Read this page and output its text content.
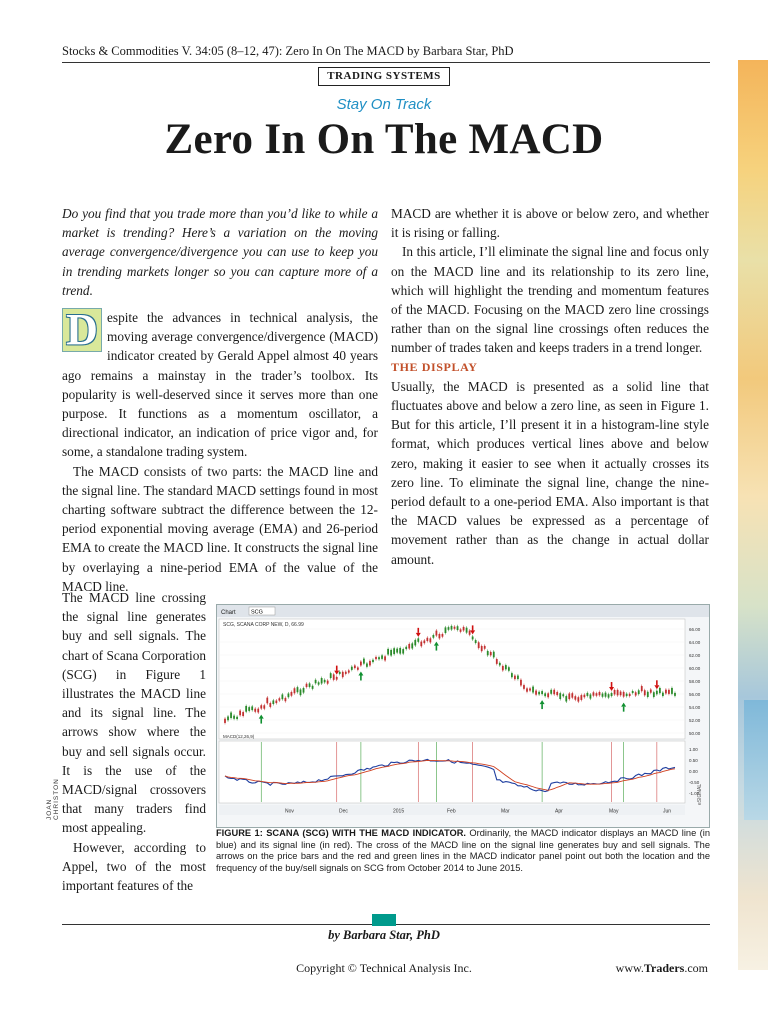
Stocks & Commodities V. 34:05 (8–12, 47): Zero In On The MACD by Barbara Star, PhD
TRADING SYSTEMS
Stay On Track
Zero In On The MACD

Do you find that you trade more than you’d like to while a market is trending? Here’s a variation on the moving average convergence/divergence you can use to keep you in trending markets longer so you can capture more of a trend.

D espite the advances in technical analysis, the moving average convergence/divergence (MACD) indicator created by Gerald Appel almost 40 years ago remains a mainstay in the trader’s toolbox. Its popularity is well-deserved since it serves more than one purpose. It functions as a momentum oscillator, a directional indicator, an indication of price vigor and, for some, a standalone trading system.

The MACD consists of two parts: the MACD line and the signal line. The standard MACD settings found in most charting software subtract the difference between the 12-period exponential moving average (EMA) and 26-period EMA to create the MACD line. It constructs the signal line by overlaying a nine-period EMA of the value of the MACD line.

The MACD line crossing the signal line generates buy and sell signals. The chart of Scana Corporation (SCG) in Figure 1 illustrates the MACD line and its signal line. The arrows show where the buy and sell signals occur. It is the use of the MACD/signal crossovers that many traders find most appealing.

However, according to Appel, two of the most important features of the

MACD are whether it is above or below zero, and whether it is rising or falling.

In this article, I’ll eliminate the signal line and focus only on the MACD line and its relationship to its zero line, which will highlight the trending and momentum features of the MACD. Focusing on the MACD zero line crossings rather than on the signal line crossings often reduces the number of trades taken and keeps traders in a trend longer.

THE DISPLAY

Usually, the MACD is presented as a solid line that fluctuates above and below a zero line, as seen in Figure 1. But for this article, I’ll present it in a histogram-line style format, which produces vertical lines above and below zero, making it easier to see when it actually crosses its zero line. To eliminate the signal line, change the nine-period default to a one-period EMA. Also important is that the MACD values be expressed as a percentage of movement rather than as the change in actual dollar amount.

Chart	SCG
SCG, SCANA CORP NEW, D, 66.99
66.00
64.00
62.00
60.00
58.00
56.00
54.00
52.00
50.00
MACD(12,26,9)
1.00
0.50
0.00
-0.50
-1.00
Nov	Dec	2015	Feb	Mar	Apr	May	Jun
eSIGNAL
FIGURE 1: SCANA (SCG) WITH THE MACD INDICATOR. Ordinarily, the MACD indicator displays an MACD line (in blue) and its signal line (in red). The cross of the MACD line on the signal line generates buy and sell signals. The arrows on the price bars and the red and green lines in the MACD indicator panel point out both the location and the frequency of the buy/sell signals on SCG from October 2014 to June 2015.
JOAN CHRISTON
by Barbara Star, PhD
Copyright © Technical Analysis Inc.	www.Traders.com
